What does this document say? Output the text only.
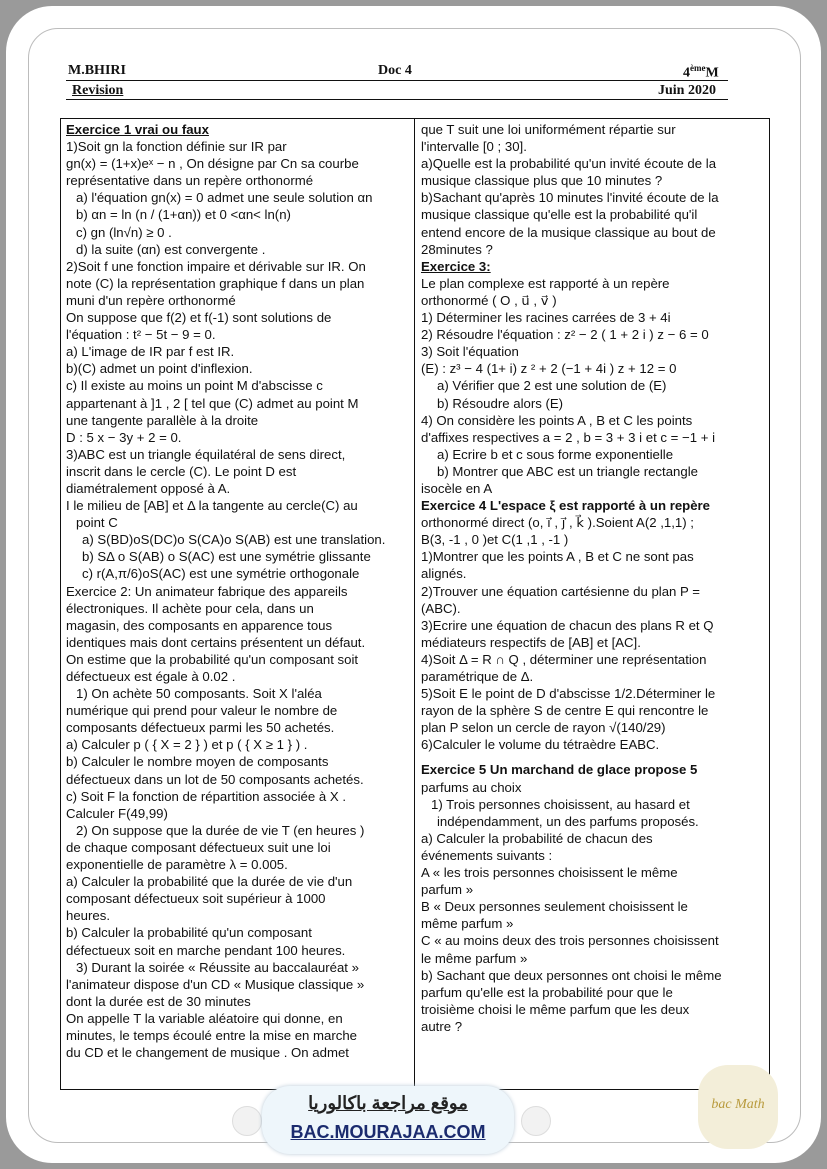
M.BHIRI	Doc 4	4èmeM
Revision	Juin 2020

Exercice 1 vrai ou faux

1)Soit gn la fonction définie sur IR par

gn(x) = (1+x)eˣ − n , On désigne par Cn sa courbe

représentative dans un repère orthonormé

a) l'équation gn(x) = 0 admet une seule solution αn

b) αn = ln (n / (1+αn)) et 0 <αn< ln(n)

c) gn (ln√n) ≥ 0 .

d) la suite (αn) est convergente .

2)Soit f une fonction impaire et dérivable sur IR. On

note (C) la représentation graphique f dans un plan

muni d'un repère orthonormé

On suppose que f(2) et f(-1) sont solutions de

l'équation : t² − 5t − 9 = 0.

a) L'image de IR par f est IR.

b)(C) admet un point d'inflexion.

c) Il existe au moins un point M d'abscisse c

appartenant à ]1 , 2 [ tel que (C) admet au point M

une tangente parallèle à la droite

D : 5 x − 3y + 2 = 0.

3)ABC est un triangle équilatéral de sens direct,

inscrit dans le cercle (C). Le point D est

diamétralement opposé à A.

I le milieu de [AB] et Δ la tangente au cercle(C) au

point C

a) S(BD)oS(DC)o S(CA)o S(AB) est une translation.

b) SΔ o S(AB) o S(AC) est une symétrie glissante

c) r(A,π/6)oS(AC) est une symétrie orthogonale

Exercice 2: Un animateur fabrique des appareils

électroniques. Il achète pour cela, dans un

magasin, des composants en apparence tous

identiques mais dont certains présentent un défaut.

On estime que la probabilité qu'un composant soit

défectueux est égale à 0.02 .

1) On achète 50 composants. Soit X l'aléa

numérique qui prend pour valeur le nombre de

composants défectueux parmi les 50 achetés.

a) Calculer p ( { X = 2 } ) et p ( { X ≥ 1 } ) .

b) Calculer le nombre moyen de composants

défectueux dans un lot de 50 composants achetés.

c) Soit F la fonction de répartition associée à X .

Calculer F(49,99)

2) On suppose que la durée de vie T (en heures )

de chaque composant défectueux suit une loi

exponentielle de paramètre λ = 0.005.

a) Calculer la probabilité que la durée de vie d'un

composant défectueux soit supérieur à 1000

heures.

b) Calculer la probabilité qu'un composant

défectueux soit en marche pendant 100 heures.

3) Durant la soirée « Réussite au baccalauréat »

l'animateur dispose d'un CD « Musique classique »

dont la durée est de 30 minutes

On appelle T la variable aléatoire qui donne, en

minutes, le temps écoulé entre la mise en marche

du CD et le changement de musique . On admet

que T suit une loi uniformément répartie sur

l'intervalle [0 ; 30].

a)Quelle est la probabilité qu'un invité écoute de la

musique classique plus que 10 minutes ?

b)Sachant qu'après 10 minutes l'invité écoute de la

musique classique qu'elle est la probabilité qu'il

entend encore de la musique classique au bout de

28minutes ?

Exercice 3:

Le plan complexe est rapporté à un repère

orthonormé ( O , u⃗ , v⃗ )

1) Déterminer les racines carrées de 3 + 4i

2) Résoudre l'équation : z² − 2 ( 1 + 2 i ) z − 6 = 0

3) Soit l'équation

(E) : z³ − 4 (1+ i) z ² + 2 (−1 + 4i ) z + 12 = 0

a) Vérifier que 2 est une solution de (E)

b) Résoudre alors (E)

4) On considère les points A , B et C les points

d'affixes respectives a = 2 , b = 3 + 3 i et c = −1 + i

a) Ecrire b et c sous forme exponentielle

b) Montrer que ABC est un triangle rectangle

isocèle en A

Exercice 4 L'espace ξ est rapporté à un repère

orthonormé direct (o, i⃗ , j⃗ , k⃗ ).Soient A(2 ,1,1) ;

B(3, -1 , 0 )et C(1 ,1 , -1 )

1)Montrer que les points A , B et C ne sont pas

alignés.

2)Trouver une équation cartésienne du plan P =

(ABC).

3)Ecrire une équation de chacun des plans R et Q

médiateurs respectifs de [AB] et [AC].

4)Soit Δ = R ∩ Q , déterminer une représentation

paramétrique de Δ.

5)Soit E le point de D d'abscisse 1/2.Déterminer le

rayon de la sphère S de centre E qui rencontre le

plan P selon un cercle de rayon √(140/29)

6)Calculer le volume du tétraèdre EABC.

Exercice 5 Un marchand de glace propose 5

parfums au choix

1) Trois personnes choisissent, au hasard et

indépendamment, un des parfums proposés.

a) Calculer la probabilité de chacun des

événements suivants :

A « les trois personnes choisissent le même

parfum »

B « Deux personnes seulement choisissent le

même parfum »

C « au moins deux des trois personnes choisissent

le même parfum »

b) Sachant que deux personnes ont choisi le même

parfum qu'elle est la probabilité pour que le

troisième choisi le même parfum que les deux

autre ?

موقع مراجعة باكالوريا
BAC.MOURAJAA.COM
bac Math
